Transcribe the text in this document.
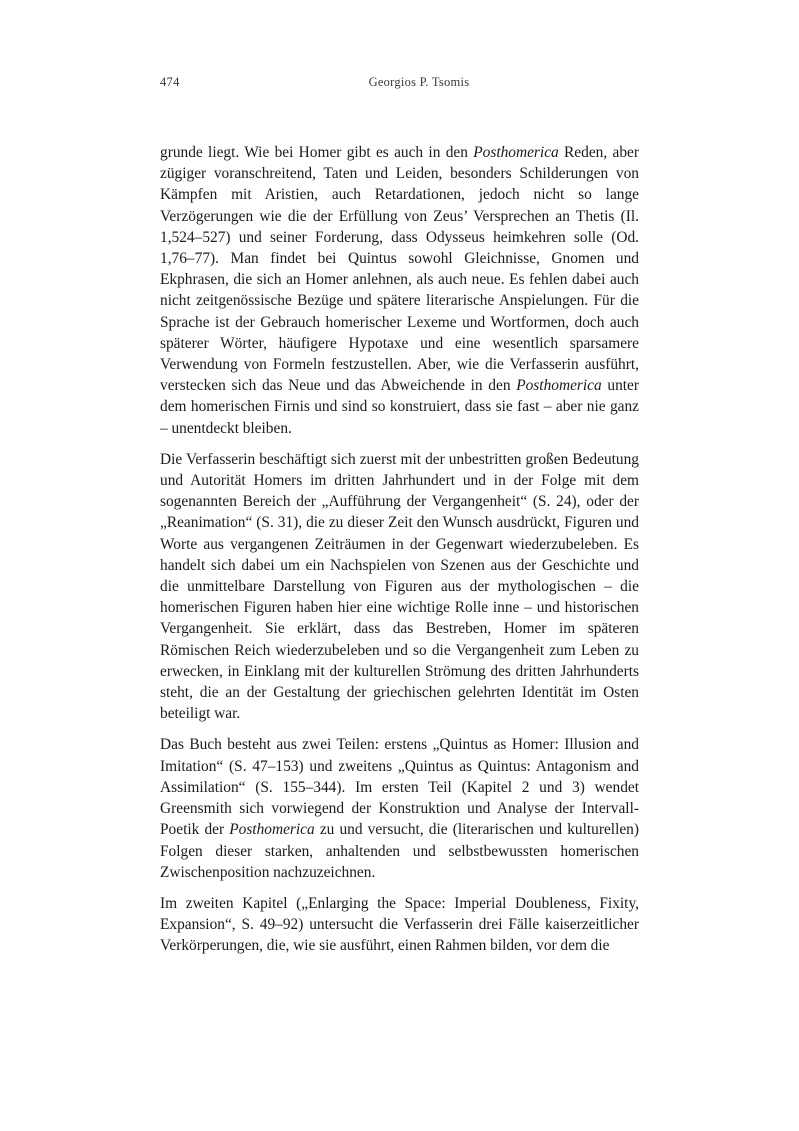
474	Georgios P. Tsomis

grunde liegt. Wie bei Homer gibt es auch in den Posthomerica Reden, aber zügiger voranschreitend, Taten und Leiden, besonders Schilderungen von Kämpfen mit Aristien, auch Retardationen, jedoch nicht so lange Verzögerungen wie die der Erfüllung von Zeus’ Versprechen an Thetis (Il. 1,524–527) und seiner Forderung, dass Odysseus heimkehren solle (Od. 1,76–77). Man findet bei Quintus sowohl Gleichnisse, Gnomen und Ekphrasen, die sich an Homer anlehnen, als auch neue. Es fehlen dabei auch nicht zeitgenössische Bezüge und spätere literarische Anspielungen. Für die Sprache ist der Gebrauch homerischer Lexeme und Wortformen, doch auch späterer Wörter, häufigere Hypotaxe und eine wesentlich sparsamere Verwendung von Formeln festzustellen. Aber, wie die Verfasserin ausführt, verstecken sich das Neue und das Abweichende in den Posthomerica unter dem homerischen Firnis und sind so konstruiert, dass sie fast – aber nie ganz – unentdeckt bleiben.

Die Verfasserin beschäftigt sich zuerst mit der unbestritten großen Bedeutung und Autorität Homers im dritten Jahrhundert und in der Folge mit dem sogenannten Bereich der „Aufführung der Vergangenheit“ (S. 24), oder der „Reanimation“ (S. 31), die zu dieser Zeit den Wunsch ausdrückt, Figuren und Worte aus vergangenen Zeiträumen in der Gegenwart wiederzubeleben. Es handelt sich dabei um ein Nachspielen von Szenen aus der Geschichte und die unmittelbare Darstellung von Figuren aus der mythologischen – die homerischen Figuren haben hier eine wichtige Rolle inne – und historischen Vergangenheit. Sie erklärt, dass das Bestreben, Homer im späteren Römischen Reich wiederzubeleben und so die Vergangenheit zum Leben zu erwecken, in Einklang mit der kulturellen Strömung des dritten Jahrhunderts steht, die an der Gestaltung der griechischen gelehrten Identität im Osten beteiligt war.

Das Buch besteht aus zwei Teilen: erstens „Quintus as Homer: Illusion and Imitation“ (S. 47–153) und zweitens „Quintus as Quintus: Antagonism and Assimilation“ (S. 155–344). Im ersten Teil (Kapitel 2 und 3) wendet Greensmith sich vorwiegend der Konstruktion und Analyse der Intervall-Poetik der Posthomerica zu und versucht, die (literarischen und kulturellen) Folgen dieser starken, anhaltenden und selbstbewussten homerischen Zwischenposition nachzuzeichnen.

Im zweiten Kapitel („Enlarging the Space: Imperial Doubleness, Fixity, Expansion“, S. 49–92) untersucht die Verfasserin drei Fälle kaiserzeitlicher Verkörperungen, die, wie sie ausführt, einen Rahmen bilden, vor dem die
